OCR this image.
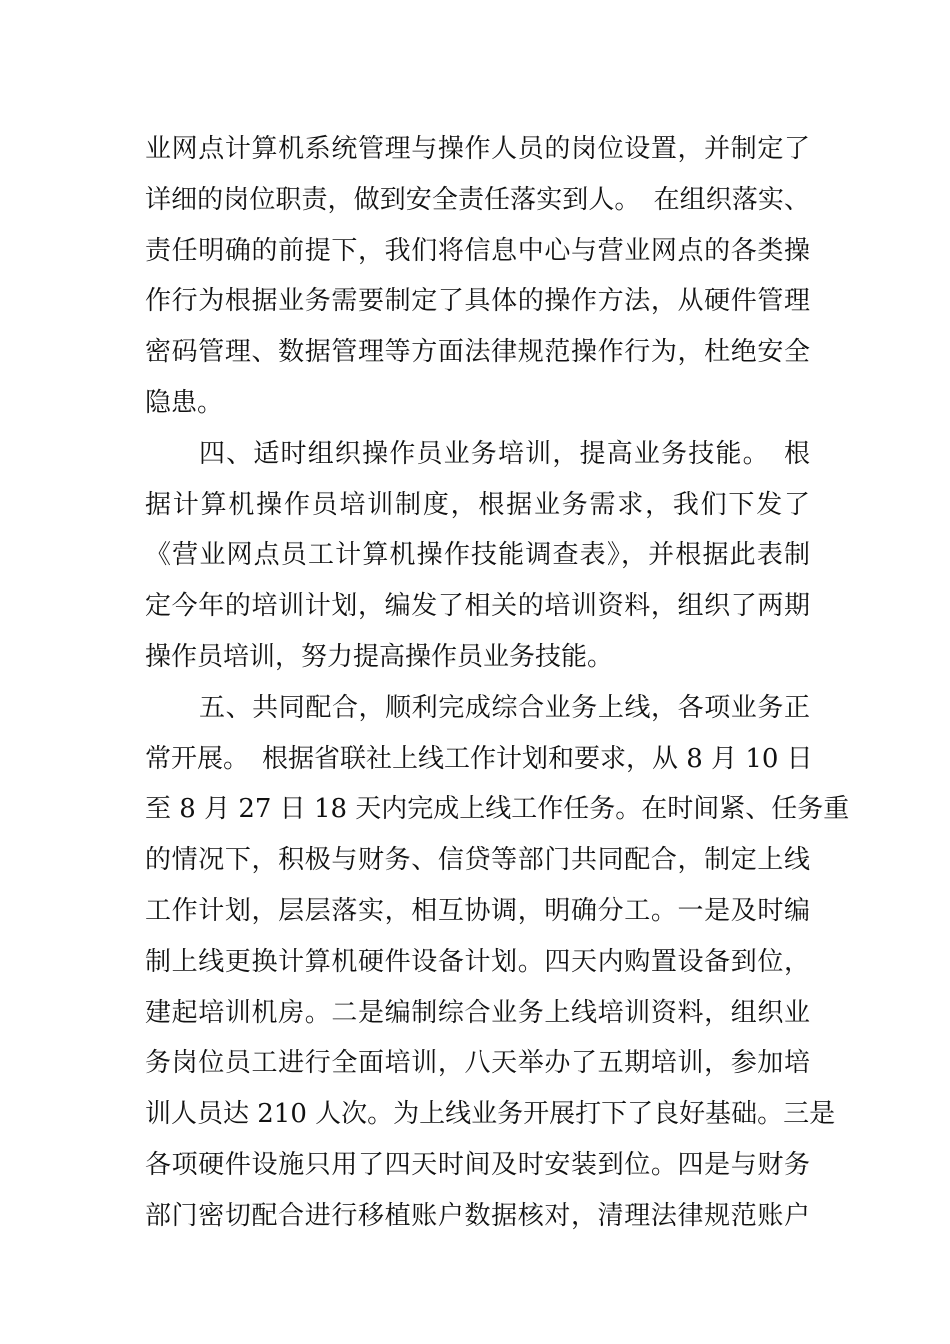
业网点计算机系统管理与操作人员的岗位设置，并制定了
详细的岗位职责，做到安全责任落实到人。　在组织落实、
责任明确的前提下，我们将信息中心与营业网点的各类操
作行为根据业务需要制定了具体的操作方法，从硬件管理
密码管理、数据管理等方面法律规范操作行为，杜绝安全
隐患。
四、适时组织操作员业务培训，提高业务技能。　根
据计算机操作员培训制度，根据业务需求，我们下发了
《营业网点员工计算机操作技能调查表》，并根据此表制
定今年的培训计划，编发了相关的培训资料，组织了两期
操作员培训，努力提高操作员业务技能。
五、共同配合，顺利完成综合业务上线，各项业务正
常开展。　根据省联社上线工作计划和要求，从 8 月 10 日
至 8 月 27 日 18 天内完成上线工作任务。在时间紧、任务重
的情况下，积极与财务、信贷等部门共同配合，制定上线
工作计划，层层落实，相互协调，明确分工。一是及时编
制上线更换计算机硬件设备计划。四天内购置设备到位，
建起培训机房。二是编制综合业务上线培训资料，组织业
务岗位员工进行全面培训，八天举办了五期培训，参加培
训人员达 210 人次。为上线业务开展打下了良好基础。三是
各项硬件设施只用了四天时间及时安装到位。四是与财务
部门密切配合进行移植账户数据核对，清理法律规范账户
